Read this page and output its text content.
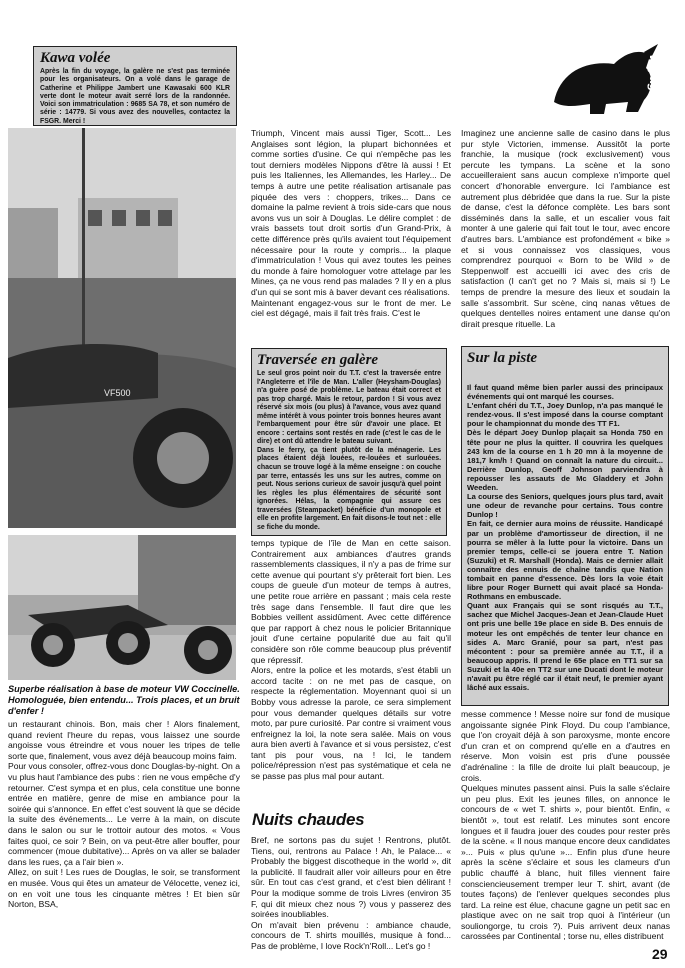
Kawa volée
Après la fin du voyage, la galère ne s'est pas terminée pour les organisateurs. On a volé dans le garage de Catherine et Philippe Jambert une Kawasaki 600 KLR verte dont le moteur avait serré lors de la randonnée. Voici son immatriculation : 9685 SA 78, et son numéro de série : 14779. Si vous avez des nouvelles, contactez la FSGR. Merci !
voyages
VF500
Superbe réalisation à base de moteur VW Coccinelle. Homologuée, bien entendu... Trois places, et un bruit d'enfer !
un restaurant chinois. Bon, mais cher ! Alors finalement, quand revient l'heure du repas, vous laissez une sourde angoisse vous étreindre et vous nouer les tripes de telle sorte que, finalement, vous avez déjà beaucoup moins faim.
Pour vous consoler, offrez-vous donc Douglas-by-night. On a vu plus haut l'ambiance des pubs : rien ne vous empêche d'y retourner. C'est sympa et en plus, cela constitue une bonne entrée en matière, genre de mise en ambiance pour la soirée qui s'annonce. En effet c'est souvent là que se décide la suite des événements... Le verre à la main, on discute dans le salon ou sur le trottoir autour des motos. « Vous faites quoi, ce soir ? Bein, on va peut-être aller bouffer, pour commencer (moue dubitative)... Après on va aller se balader dans les rues, ça a l'air bien ».
Allez, on suit ! Les rues de Douglas, le soir, se transforment en musée. Vous qui êtes un amateur de Vélocette, venez ici, on en voit une tous les cinquante mètres ! Et bien sûr Norton, BSA,
Triumph, Vincent mais aussi Tiger, Scott... Les Anglaises sont légion, la plupart bichonnées et comme sorties d'usine. Ce qui n'empêche pas les tout derniers modèles Nippons d'être là aussi ! Et puis les Italiennes, les Allemandes, les Harley... De temps à autre une petite réalisation artisanale pas piquée des vers : choppers, trikes... Dans ce domaine la palme revient à trois side-cars que nous avons vus un soir à Douglas. Le délire complet : de vrais bassets tout droit sortis d'un Grand-Prix, à cette différence près qu'ils avaient tout l'équipement nécessaire pour la route y compris... la plaque d'immatriculation ! Vous qui avez toutes les peines du monde à faire homologuer votre attelage par les Mines, ça ne vous rend pas malades ? Il y en a plus d'un qui se sont mis à baver devant ces réalisations.
Maintenant engagez-vous sur le front de mer. Le ciel est dégagé, mais il fait très frais. C'est le
Traversée en galère
Le seul gros point noir du T.T. c'est la traversée entre l'Angleterre et l'île de Man. L'aller (Heysham-Douglas) n'a guère posé de problème. Le bateau était correct et pas trop chargé. Mais le retour, pardon ! Si vous avez réservé six mois (ou plus) à l'avance, vous avez quand même intérêt à vous pointer trois bonnes heures avant l'embarquement pour être sûr d'avoir une place. Et encore : certains sont restés en rade (c'est le cas de le dire) et ont dû attendre le bateau suivant.
Dans le ferry, ça tient plutôt de la ménagerie. Les places étaient déjà louées, re-louées et surlouées. chacun se trouve logé à la même enseigne : on couche par terre, entassés les uns sur les autres, comme on peut. Nous serions curieux de savoir jusqu'à quel point les règles les plus élémentaires de sécurité sont ignorées. Hélas, la compagnie qui assure ces traversées (Steampacket) bénéficie d'un monopole et elle en profite largement. En fait disons-le tout net : elle se fiche du monde.
temps typique de l'île de Man en cette saison. Contrairement aux ambiances d'autres grands rassemblements classiques, il n'y a pas de frime sur cette avenue qui pourtant s'y prêterait fort bien. Les coups de gueule d'un moteur de temps à autres, une petite roue arrière en passant ; mais cela reste très sage dans l'ensemble. Il faut dire que les Bobbies veillent assidûment. Avec cette différence que par rapport à chez nous le policier Britannique jouit d'une certaine popularité due au fait qu'il considère son rôle comme beaucoup plus préventif que répressif.
Alors, entre la police et les motards, s'est établi un accord tacite : on ne met pas de casque, on respecte la réglementation. Moyennant quoi si un Bobby vous adresse la parole, ce sera simplement pour vous demander quelques détails sur votre moto, par pure curiosité. Par contre si vraiment vous enfreignez la loi, la note sera salée. Mais on vous aura bien averti à l'avance et si vous persistez, c'est tant pis pour vous, na ! Ici, le tandem police/répression n'est pas systématique et cela ne se passe pas plus mal pour autant.
Nuits chaudes
Bref, ne sortons pas du sujet ! Rentrons, plutôt. Tiens, oui, rentrons au Palace ! Ah, le Palace... « Probably the biggest discotheque in the world », dit la publicité. Il faudrait aller voir ailleurs pour en être sûr. En tout cas c'est grand, et c'est bien délirant ! Pour la modique somme de trois Livres (environ 35 F, qui dit mieux chez nous ?) vous y passerez des soirées inoubliables.
On m'avait bien prévenu : ambiance chaude, concours de T. shirts mouillés, musique à fond... Pas de problème, I love Rock'n'Roll... Let's go !
Imaginez une ancienne salle de casino dans le plus pur style Victorien, immense. Aussitôt la porte franchie, la musique (rock exclusivement) vous percute les tympans. La scène et la sono accueilleraient sans aucun complexe n'importe quel concert d'honorable envergure. Ici l'ambiance est autrement plus débridée que dans la rue. Sur la piste de danse, c'est la défonce complète. Les bars sont disséminés dans la salle, et un escalier vous fait monter à une galerie qui fait tout le tour, avec encore d'autres bars. L'ambiance est profondément « bike » et si vous connaissez vos classiques, vous comprendrez pourquoi « Born to be Wild » de Steppenwolf est accueilli ici avec des cris de satisfaction (I can't get no ? Mais si, mais si !) Le temps de prendre la mesure des lieux et soudain la salle s'assombrit. Sur scène, cinq nanas vêtues de quelques dentelles noires entament une danse qu'on dirait presque rituelle. La
Sur la piste
Il faut quand même bien parler aussi des principaux événements qui ont marqué les courses.
L'enfant chéri du T.T., Joey Dunlop, n'a pas manqué le rendez-vous. Il s'est imposé dans la course comptant pour le championnat du monde des TT F1.
Dès le départ Joey Dunlop plaçait sa Honda 750 en tête pour ne plus la quitter. Il couvrira les quelques 243 km de la course en 1 h 20 mn à la moyenne de 181,7 km/h ! Quand on connaît la nature du circuit... Derrière Dunlop, Geoff Johnson parviendra à repousser les assauts de Mc Gladdery et John Weeden.
La course des Seniors, quelques jours plus tard, avait une odeur de revanche pour certains. Tous contre Dunlop !
En fait, ce dernier aura moins de réussite. Handicapé par un problème d'amortisseur de direction, il ne pourra se mêler à la lutte pour la victoire. Dans un premier temps, celle-ci se jouera entre T. Nation (Suzuki) et R. Marshall (Honda). Mais ce dernier allait connaître des ennuis de chaîne tandis que Nation tombait en panne d'essence. Dès lors la voie était libre pour Roger Burnett qui avait placé sa Honda-Rothmans en embuscade.
Quant aux Français qui se sont risqués au T.T., sachez que Michel Jacques-Jean et Jean-Claude Huet ont pris une belle 19e place en side B. Des ennuis de moteur les ont empêchés de tenter leur chance en sides A. Marc Granié, pour sa part, n'est pas mécontent : pour sa première année au T.T., il a beaucoup appris. Il prend le 65e place en TT1 sur sa Suzuki et la 40e en TT2 sur une Ducati dont le moteur n'avait pu être réglé car il était neuf, le premier ayant lâché aux essais.
messe commence ! Messe noire sur fond de musique angoissante signée Pink Floyd. Du coup l'ambiance, que l'on croyait déjà à son paroxysme, monte encore d'un cran et on comprend qu'elle en a d'autres en réserve. Mon voisin est pris d'une poussée d'adrénaline : la fille de droite lui plaît beaucoup, je crois.
Quelques minutes passent ainsi. Puis la salle s'éclaire un peu plus. Exit les jeunes filles, on annonce le concours de « wet T. shirts », pour bientôt. Enfin, « bientôt », tout est relatif. Les minutes sont encore longues et il faudra jouer des coudes pour rester près de la scène. « Il nous manque encore deux candidates »... Puis « plus qu'une »... Enfin plus d'une heure après la scène s'éclaire et sous les clameurs d'un public chauffé à blanc, huit filles viennent faire consciencieusement tremper leur T. shirt, avant (de toutes façons) de l'enlever quelques secondes plus tard. La reine est élue, chacune gagne un petit sac en plastique avec on ne sait trop quoi à l'intérieur (un souliongorge, tu crois ?). Puis arrivent deux nanas carossées par Continental ; torse nu, elles distribuent
29
